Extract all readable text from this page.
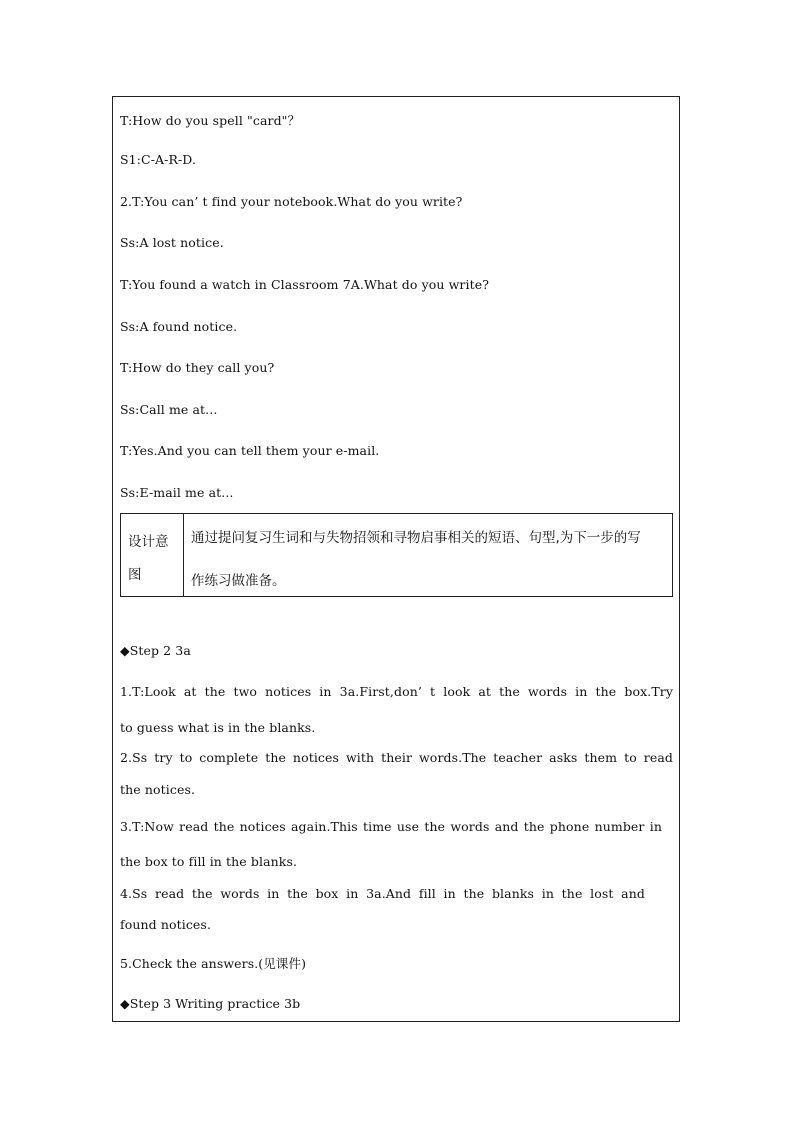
T:How do you spell "card"？
S1:C-A-R-D.
2.T:You can’ t find your notebook.What do you write?
Ss:A lost notice.
T:You found a watch in Classroom 7A.What do you write?
Ss:A found notice.
T:How do they call you?
Ss:Call me at...
T:Yes.And you can tell them your e-mail.
Ss:E-mail me at...
设计意
图
通过提问复习生词和与失物招领和寻物启事相关的短语、句型,为下一步的写
作练习做准备。
◆Step 2 3a
1.T:Look at the two notices in 3a.First,don’ t look at the words in the box.Try
to guess what is in the blanks.
2.Ss try to complete the notices with their words.The teacher asks them to read
the notices.
3.T:Now read the notices again.This time use the words and the phone number in
the box to fill in the blanks.
4.Ss read the words in the box in 3a.And fill in the blanks in the lost and
found notices.
5.Check the answers.(见课件)
◆Step 3 Writing practice 3b
